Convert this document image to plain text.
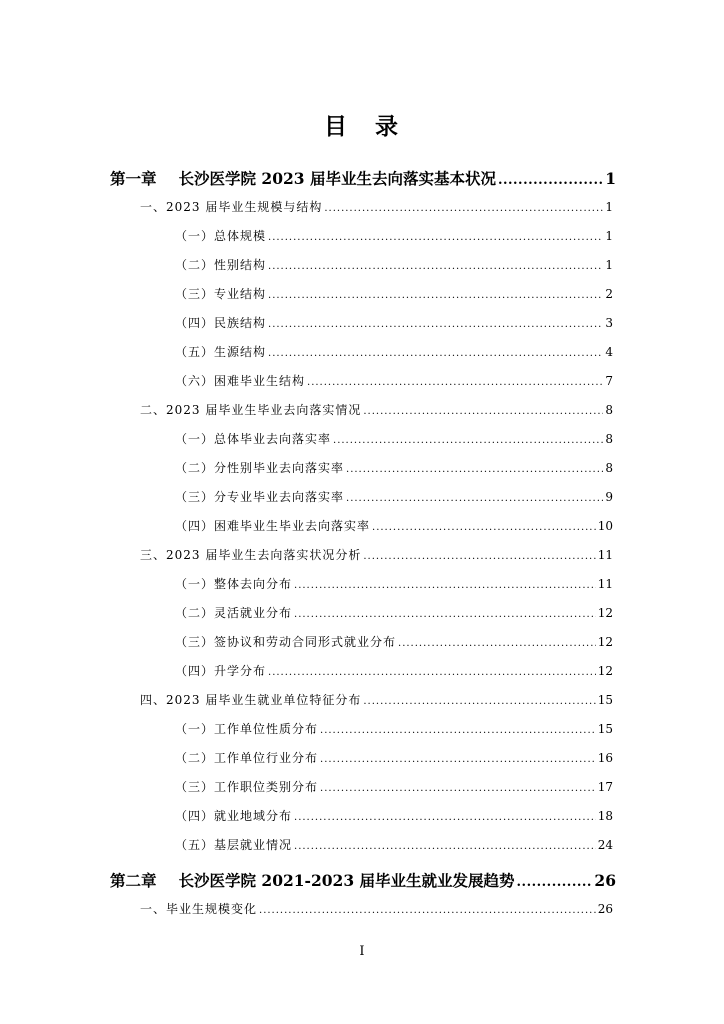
目 录
第一章 长沙医学院 2023 届毕业生去向落实基本状况 .....	1
一、2023 届毕业生规模与结构 .....	1
（一）总体规模 .....	1
（二）性别结构 .....	1
（三）专业结构 .....	2
（四）民族结构 .....	3
（五）生源结构 .....	4
（六）困难毕业生结构 .....	7
二、2023 届毕业生毕业去向落实情况 .....	8
（一）总体毕业去向落实率 .....	8
（二）分性别毕业去向落实率 .....	8
（三）分专业毕业去向落实率 .....	9
（四）困难毕业生毕业去向落实率 .....	10
三、2023 届毕业生去向落实状况分析 .....	11
（一）整体去向分布 .....	11
（二）灵活就业分布 .....	12
（三）签协议和劳动合同形式就业分布 .....	12
（四）升学分布 .....	12
四、2023 届毕业生就业单位特征分布 .....	15
（一）工作单位性质分布 .....	15
（二）工作单位行业分布 .....	16
（三）工作职位类别分布 .....	17
（四）就业地域分布 .....	18
（五）基层就业情况 .....	24
第二章 长沙医学院 2021-2023 届毕业生就业发展趋势 .....	26
一、毕业生规模变化 .....	26
I
